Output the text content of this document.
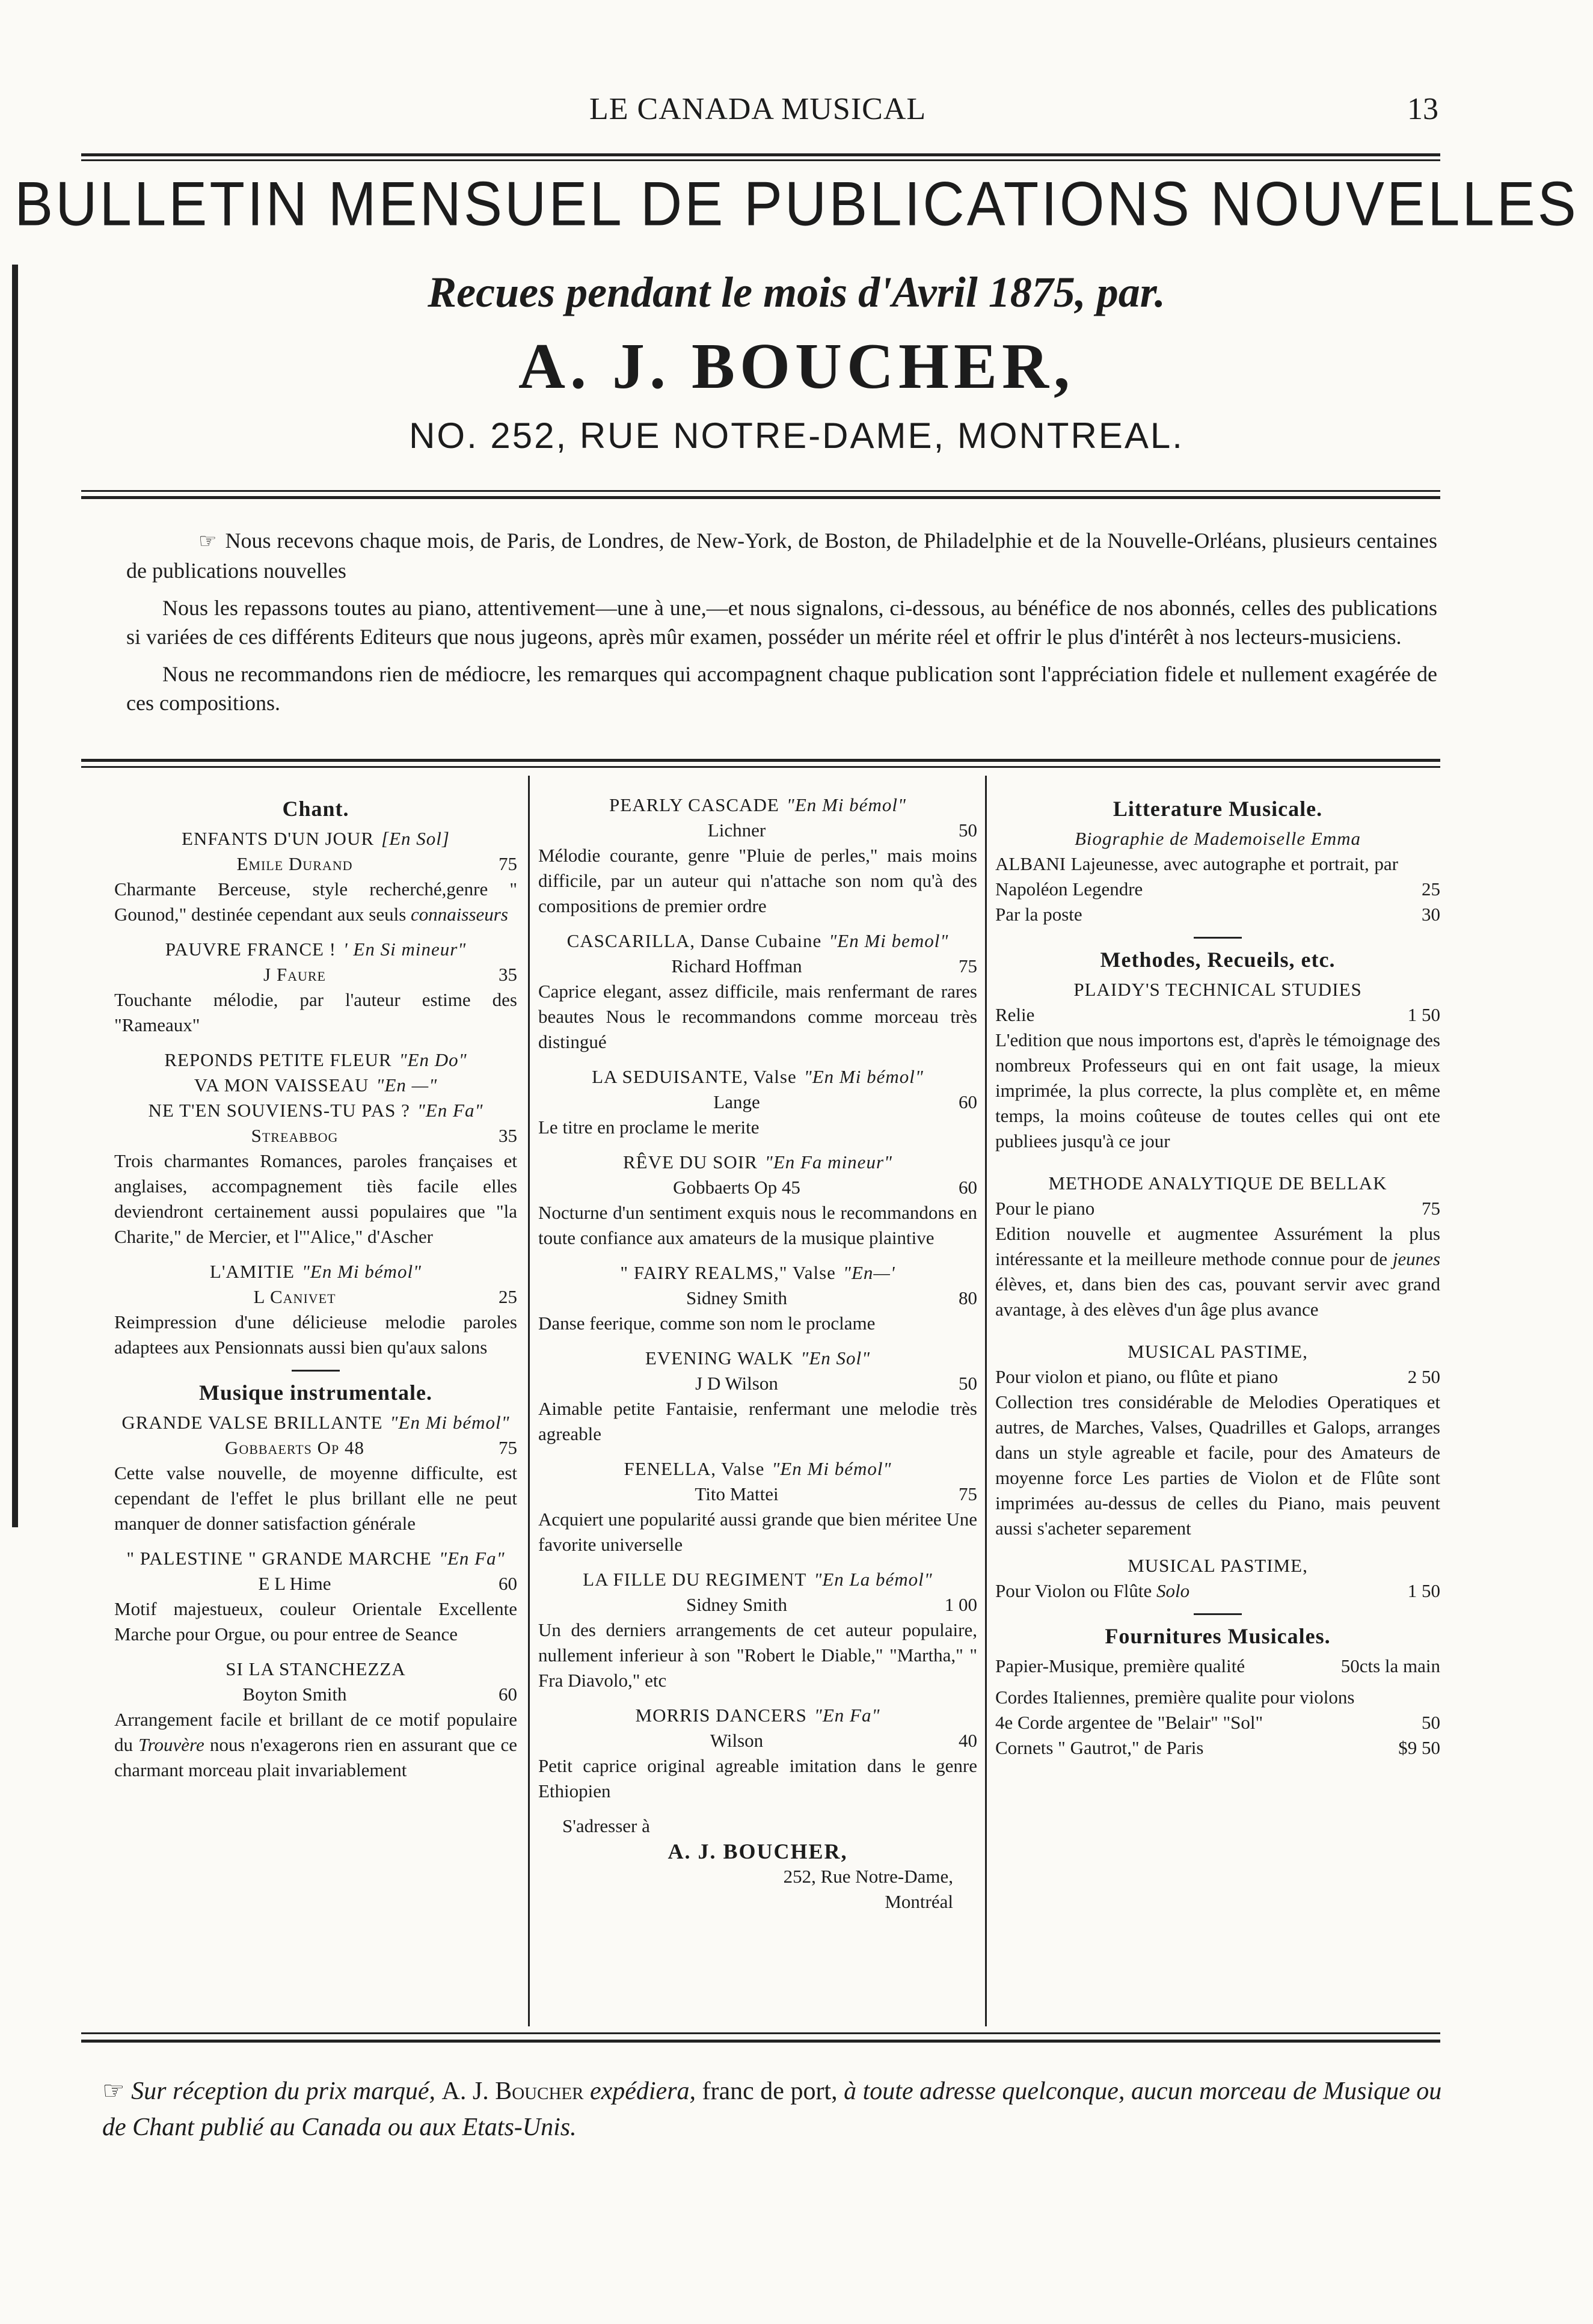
LE CANADA MUSICAL	13
BULLETIN MENSUEL DE PUBLICATIONS NOUVELLES
Recues pendant le mois d'Avril 1875, par.
A. J. BOUCHER,
NO. 252, RUE NOTRE-DAME, MONTREAL.

☞ Nous recevons chaque mois, de Paris, de Londres, de New-York, de Boston, de Philadelphie et de la Nouvelle-Orléans, plusieurs centaines de publications nouvelles

Nous les repassons toutes au piano, attentivement—une à une,—et nous signalons, ci-dessous, au bénéfice de nos abonnés, celles des publications si variées de ces différents Editeurs que nous jugeons, après mûr examen, posséder un mérite réel et offrir le plus d'intérêt à nos lecteurs-musiciens.

Nous ne recommandons rien de médiocre, les remarques qui accompagnent chaque publication sont l'appréciation fidele et nullement exagérée de ces compositions.

Chant.
ENFANTS D'UN JOUR [En Sol]
Emile Durand	75
Charmante Berceuse, style recherché,genre " Gounod," destinée cependant aux seuls connaisseurs
PAUVRE FRANCE ! ' En Si mineur"
J Faure	35
Touchante mélodie, par l'auteur estime des "Rameaux"
REPONDS PETITE FLEUR "En Do"
VA MON VAISSEAU "En —"
NE T'EN SOUVIENS-TU PAS ? "En Fa"
Streabbog	35
Trois charmantes Romances, paroles françaises et anglaises, accompagnement tiès facile elles deviendront certainement aussi populaires que "la Charite," de Mercier, et l'"Alice," d'Ascher
L'AMITIE "En Mi bémol"
L Canivet	25
Reimpression d'une délicieuse melodie paroles adaptees aux Pensionnats aussi bien qu'aux salons
Musique instrumentale.
GRANDE VALSE BRILLANTE "En Mi bémol"
Gobbaerts Op 48	75
Cette valse nouvelle, de moyenne difficulte, est cependant de l'effet le plus brillant elle ne peut manquer de donner satisfaction générale
" PALESTINE " GRANDE MARCHE "En Fa"
E L Hime	60
Motif majestueux, couleur Orientale Excellente Marche pour Orgue, ou pour entree de Seance
SI LA STANCHEZZA
Boyton Smith	60
Arrangement facile et brillant de ce motif populaire du Trouvère nous n'exagerons rien en assurant que ce charmant morceau plait invariablement
PEARLY CASCADE "En Mi bémol"
Lichner	50
Mélodie courante, genre "Pluie de perles," mais moins difficile, par un auteur qui n'attache son nom qu'à des compositions de premier ordre
CASCARILLA, Danse Cubaine "En Mi bemol"
Richard Hoffman	75
Caprice elegant, assez difficile, mais renfermant de rares beautes Nous le recommandons comme morceau très distingué
LA SEDUISANTE, Valse "En Mi bémol"
Lange	60
Le titre en proclame le merite
RÊVE DU SOIR "En Fa mineur"
Gobbaerts Op 45	60
Nocturne d'un sentiment exquis nous le recommandons en toute confiance aux amateurs de la musique plaintive
" FAIRY REALMS," Valse "En—'
Sidney Smith	80
Danse feerique, comme son nom le proclame
EVENING WALK "En Sol"
J D Wilson	50
Aimable petite Fantaisie, renfermant une melodie très agreable
FENELLA, Valse "En Mi bémol"
Tito Mattei	75
Acquiert une popularité aussi grande que bien méritee Une favorite universelle
LA FILLE DU REGIMENT "En La bémol"
Sidney Smith	1 00
Un des derniers arrangements de cet auteur populaire, nullement inferieur à son "Robert le Diable," "Martha," " Fra Diavolo," etc
MORRIS DANCERS "En Fa"
Wilson	40
Petit caprice original agreable imitation dans le genre Ethiopien
S'adresser à
A. J. BOUCHER,
252, Rue Notre-Dame,
Montréal
Litterature Musicale.
Biographie de Mademoiselle Emma
ALBANI Lajeunesse, avec autographe et portrait, par Napoléon Legendre	25
Par la poste	30
Methodes, Recueils, etc.
PLAIDY'S TECHNICAL STUDIES
Relie	1 50
L'edition que nous importons est, d'après le témoignage des nombreux Professeurs qui en ont fait usage, la mieux imprimée, la plus correcte, la plus complète et, en même temps, la moins coûteuse de toutes celles qui ont ete publiees jusqu'à ce jour
METHODE ANALYTIQUE DE BELLAK
Pour le piano	75
Edition nouvelle et augmentee Assurément la plus intéressante et la meilleure methode connue pour de jeunes élèves, et, dans bien des cas, pouvant servir avec grand avantage, à des elèves d'un âge plus avance
MUSICAL PASTIME,
Pour violon et piano, ou flûte et piano	2 50
Collection tres considérable de Melodies Operatiques et autres, de Marches, Valses, Quadrilles et Galops, arranges dans un style agreable et facile, pour des Amateurs de moyenne force Les parties de Violon et de Flûte sont imprimées au-dessus de celles du Piano, mais peuvent aussi s'acheter separement
MUSICAL PASTIME,
Pour Violon ou Flûte Solo	1 50
Fournitures Musicales.
Papier-Musique, première qualité	50cts la main
Cordes Italiennes, première qualite pour violons
4e Corde argentee de "Belair" "Sol"	50
Cornets " Gautrot," de Paris	$9 50
☞ Sur réception du prix marqué, A. J. Boucher expédiera, franc de port, à toute adresse quelconque, aucun morceau de Musique ou de Chant publié au Canada ou aux Etats-Unis.
